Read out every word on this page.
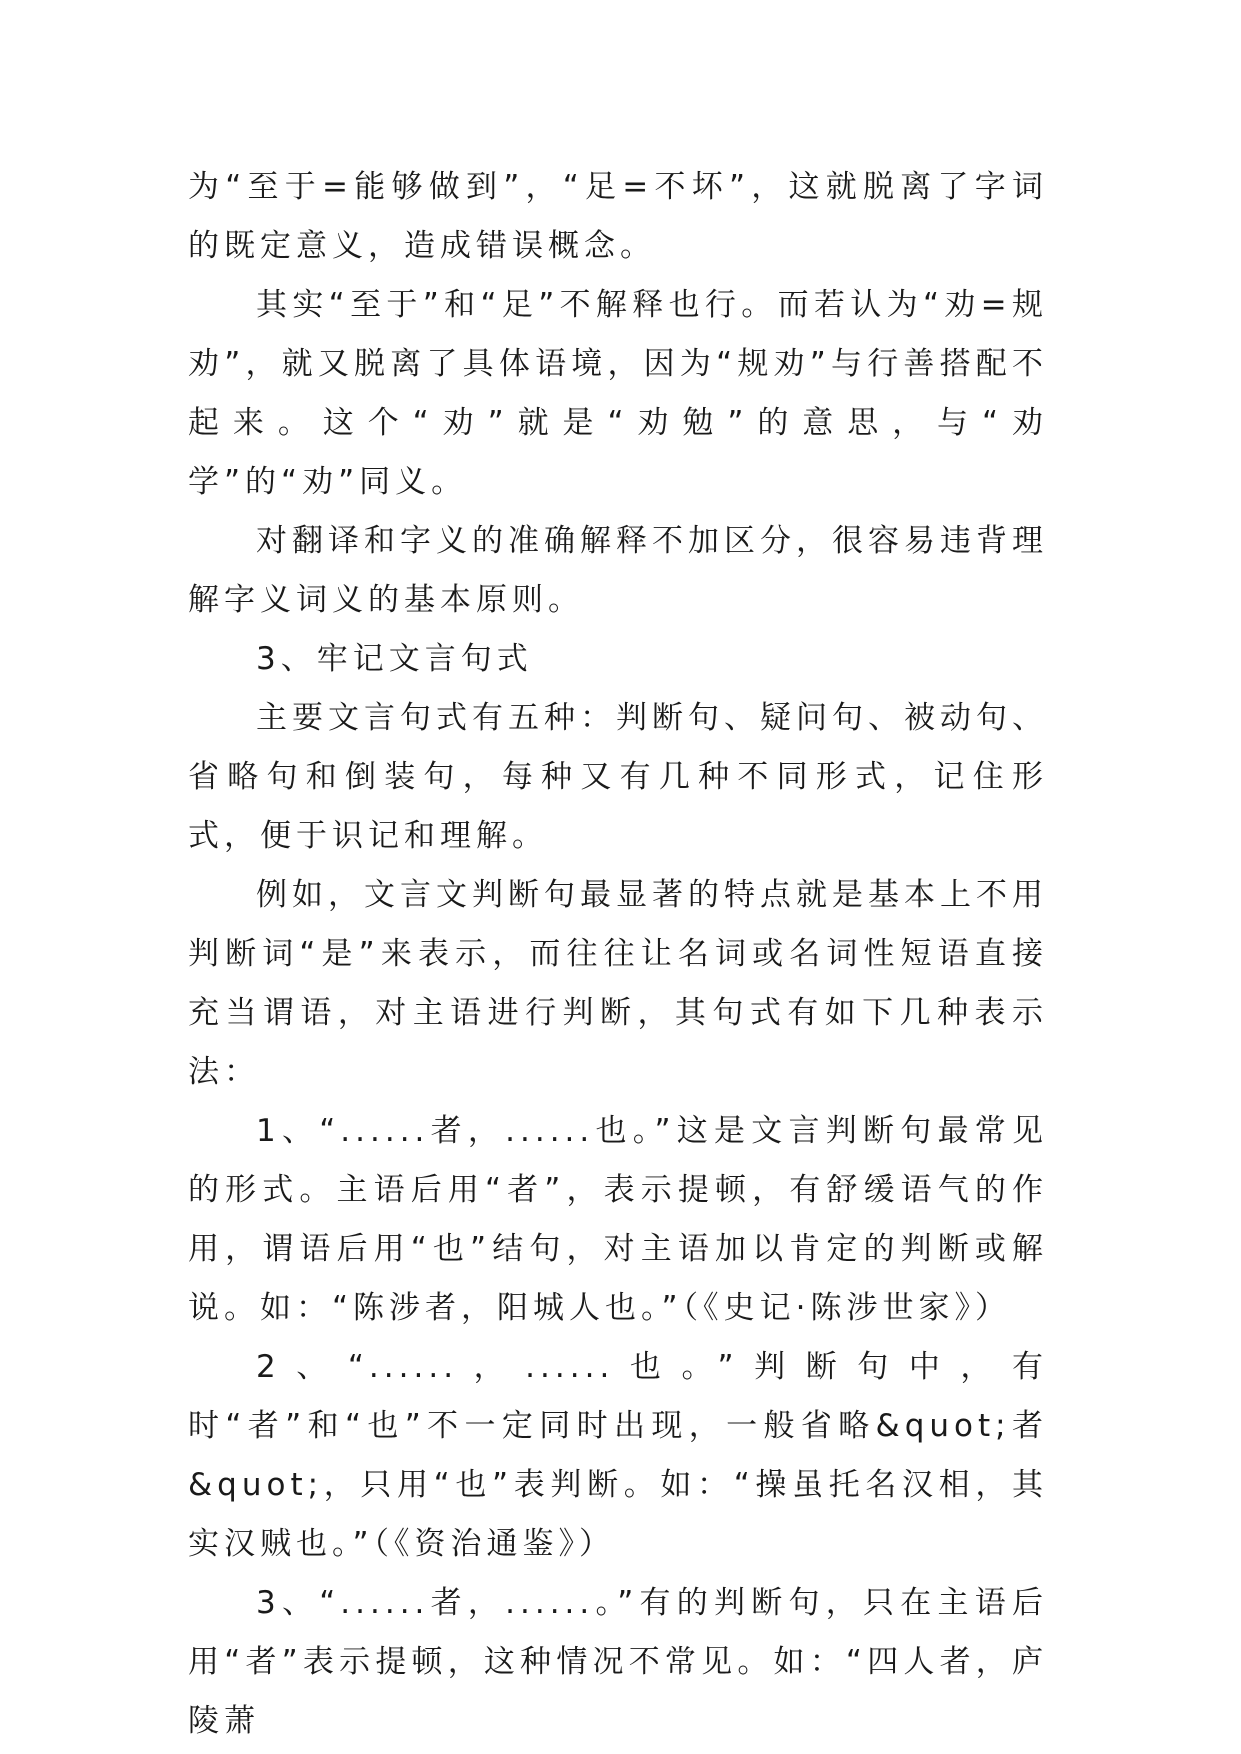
为“至于=能够做到”，“足=不坏”，这就脱离了字词的既定意义，造成错误概念。

其实“至于”和“足”不解释也行。而若认为“劝=规劝”，就又脱离了具体语境，因为“规劝”与行善搭配不起来。这个“劝”就是“劝勉”的意思，与“劝学”的“劝”同义。

对翻译和字义的准确解释不加区分，很容易违背理解字义词义的基本原则。

3、牢记文言句式

主要文言句式有五种：判断句、疑问句、被动句、省略句和倒装句，每种又有几种不同形式，记住形式，便于识记和理解。

例如，文言文判断句最显著的特点就是基本上不用判断词“是”来表示，而往往让名词或名词性短语直接充当谓语，对主语进行判断，其句式有如下几种表示法：

1、“......者，......也。”这是文言判断句最常见的形式。主语后用“者”，表示提顿，有舒缓语气的作用，谓语后用“也”结句，对主语加以肯定的判断或解说。如：“陈涉者，阳城人也。”（《史记·陈涉世家》）

2、“......，......也。”判断句中，有时“者”和“也”不一定同时出现，一般省略&quot;者&quot;，只用“也”表判断。如：“操虽托名汉相，其实汉贼也。”（《资治通鉴》）

3、“......者，......。”有的判断句，只在主语后用“者”表示提顿，这种情况不常见。如：“四人者，庐陵萧
